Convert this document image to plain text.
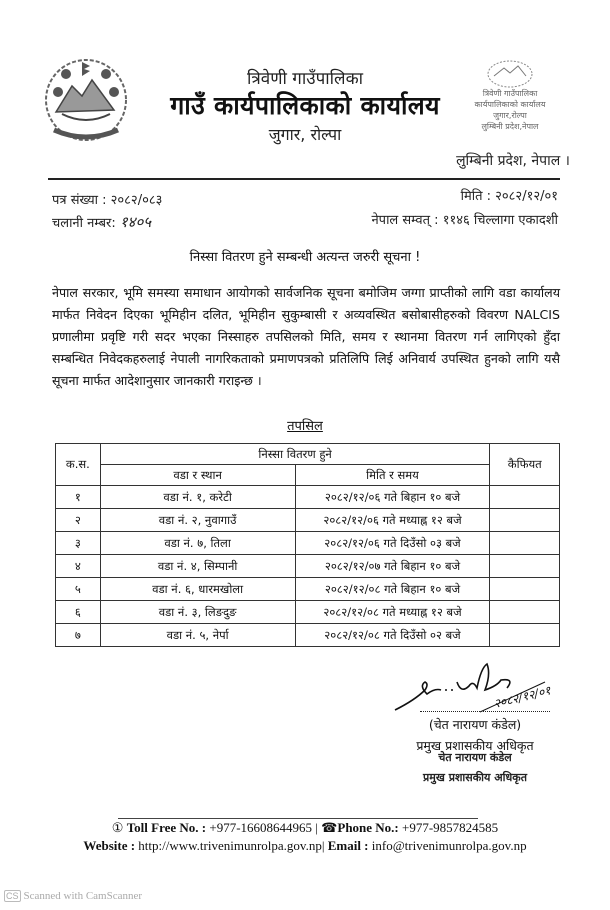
त्रिवेणी गाउँपालिका
गाउँ कार्यपालिकाको कार्यालय
जुगार, रोल्पा
त्रिवेणी गाउँपालिका
कार्यपालिकाको कार्यालय
जुगार,रोल्पा
लुम्बिनी प्रदेश,नेपाल
लुम्बिनी प्रदेश, नेपाल ।
पत्र संख्या : २०८२/०८३
चलानी नम्बर: १४०५
मिति : २०८२/१२/०१
नेपाल सम्वत् : ११४६ चिल्लागा एकादशी
निस्सा वितरण हुने सम्बन्धी अत्यन्त जरुरी सूचना !
नेपाल सरकार, भूमि समस्या समाधान आयोगको सार्वजनिक सूचना बमोजिम जग्गा प्राप्तीको लागि वडा कार्यालय मार्फत निवेदन दिएका भूमिहीन दलित, भूमिहीन सुकुम्बासी र अव्यवस्थित बसोबासीहरुको विवरण NALCIS प्रणालीमा प्रवृष्टि गरी सदर भएका निस्साहरु तपसिलको मिति, समय र स्थानमा वितरण गर्न लागिएको हुँदा सम्बन्धित निवेदकहरुलाई नेपाली नागरिकताको प्रमाणपत्रको प्रतिलिपि लिई अनिवार्य उपस्थित हुनको लागि यसै सूचना मार्फत आदेशानुसार जानकारी गराइन्छ ।
तपसिल
क.स.	निस्सा वितरण हुने		कैफियत
	वडा र स्थान	मिति र समय	
१	वडा नं. १, करेटी	२०८२/१२/०६ गते बिहान १० बजे	
२	वडा नं. २, नुवागाउँ	२०८२/१२/०६ गते मध्याह्न १२ बजे	
३	वडा नं. ७, तिला	२०८२/१२/०६ गते दिउँसो ०३ बजे	
४	वडा नं. ४, सिम्पानी	२०८२/१२/०७ गते बिहान १० बजे	
५	वडा नं. ६, धारमखोला	२०८२/१२/०८ गते बिहान १० बजे	
६	वडा नं. ३, लिङदुङ	२०८२/१२/०८ गते मध्याह्न १२ बजे	
७	वडा नं. ५, नेर्पा	२०८२/१२/०८ गते दिउँसो ०२ बजे	
२०८२/१२/०१
(चेत नारायण कंडेल)
प्रमुख प्रशासकीय अधिकृत
चेत नारायण कंडेल
प्रमुख प्रशासकीय अधिकृत
① Toll Free No. : +977-16608644965 | ☎Phone No.: +977-9857824585
Website : http://www.trivenimunrolpa.gov.np| Email : info@trivenimunrolpa.gov.np
CS Scanned with CamScanner
